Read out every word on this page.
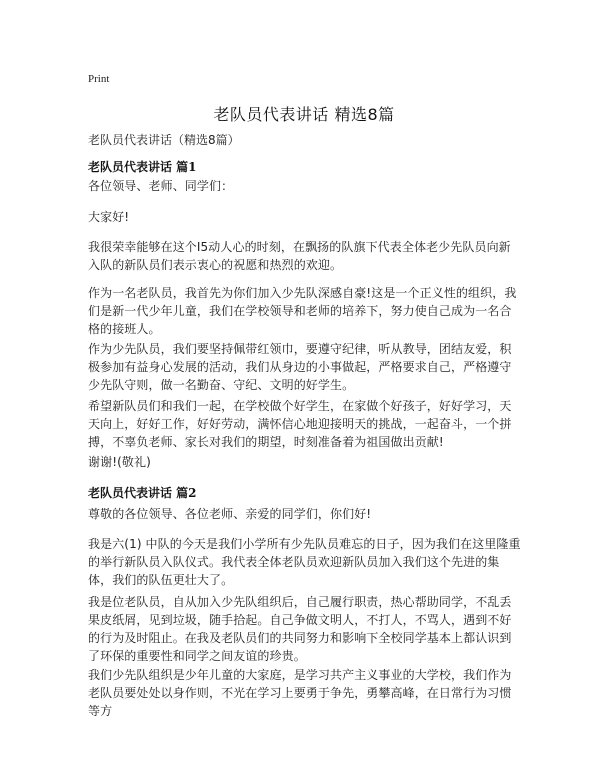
Print
老队员代表讲话 精选8篇
老队员代表讲话（精选8篇）
老队员代表讲话 篇1

各位领导、老师、同学们：

大家好!

我很荣幸能够在这个I5动人心的时刻，在飘扬的队旗下代表全体老少先队员向新入队的新队员们表示衷心的祝愿和热烈的欢迎。

作为一名老队员，我首先为你们加入少先队深感自豪!这是一个正义性的组织，我们是新一代少年儿童，我们在学校领导和老师的培养下，努力使自己成为一名合格的接班人。

作为少先队员，我们要坚持佩带红领巾，要遵守纪律，听从教导，团结友爱，积极参加有益身心发展的活动，我们从身边的小事做起，严格要求自己，严格遵守少先队守则，做一名勤奋、守纪、文明的好学生。

希望新队员们和我们一起，在学校做个好学生，在家做个好孩子，好好学习，天天向上，好好工作，好好劳动，满怀信心地迎接明天的挑战，一起奋斗，一个拼搏，不辜负老师、家长对我们的期望，时刻准备着为祖国做出贡献!

谢谢!(敬礼)

老队员代表讲话 篇2

尊敬的各位领导、各位老师、亲爱的同学们，你们好!

我是六(1) 中队的今天是我们小学所有少先队员难忘的日子，因为我们在这里隆重的举行新队员入队仪式。我代表全体老队员欢迎新队员加入我们这个先进的集体，我们的队伍更壮大了。

我是位老队员，自从加入少先队组织后，自己履行职责，热心帮助同学，不乱丢果皮纸屑，见到垃圾，随手拾起。自己争做文明人，不打人，不骂人，遇到不好的行为及时阻止。在我及老队员们的共同努力和影响下全校同学基本上都认识到了环保的重要性和同学之间友谊的珍贵。

我们少先队组织是少年儿童的大家庭，是学习共产主义事业的大学校，我们作为老队员要处处以身作则，不光在学习上要勇于争先，勇攀高峰，在日常行为习惯等方
